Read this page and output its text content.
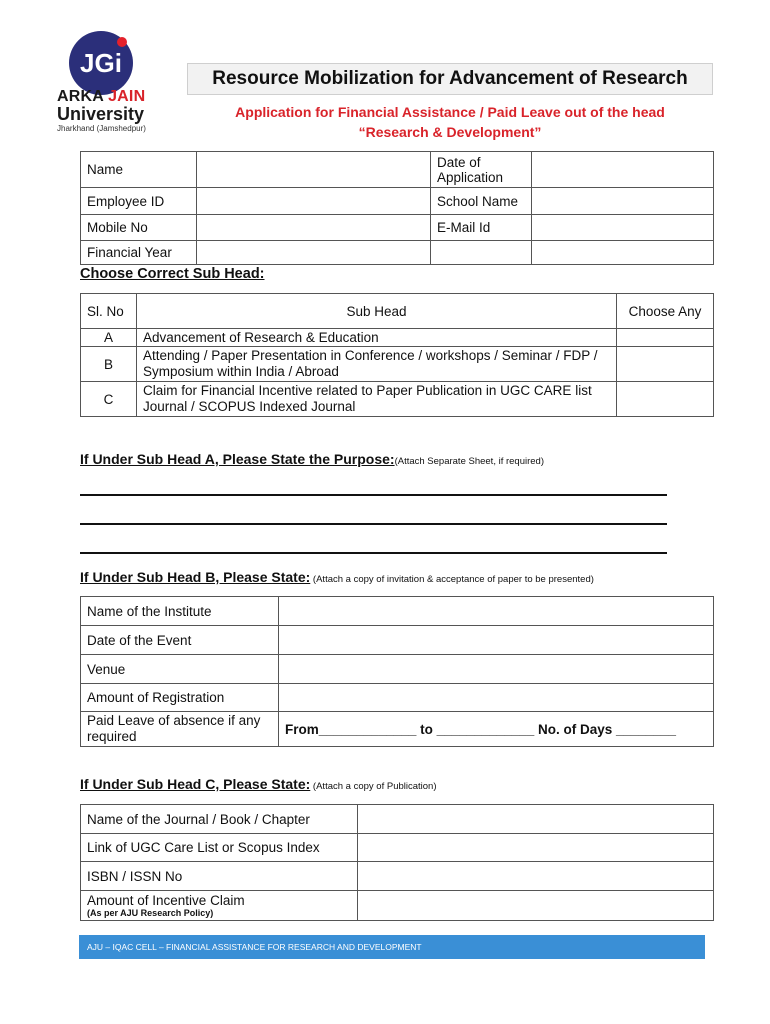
JGi
ARKA JAIN
University
Jharkhand (Jamshedpur)
Resource Mobilization for Advancement of Research
Application for Financial Assistance / Paid Leave out of the head
“Research & Development”
Name		Date of Application	
Employee ID		School Name	
Mobile No		E-Mail Id	
Financial Year			
Choose Correct Sub Head:
Sl. No	Sub Head	Choose Any
A	Advancement of Research & Education	
B	Attending / Paper Presentation in Conference / workshops / Seminar / FDP / Symposium within India / Abroad	
C	Claim for Financial Incentive related to Paper Publication in UGC CARE list Journal / SCOPUS Indexed Journal	
If Under Sub Head A, Please State the Purpose:(Attach Separate Sheet, if required)
If Under Sub Head B, Please State: (Attach a copy of invitation & acceptance of paper to be presented)
Name of the Institute	
Date of the Event	
Venue	
Amount of Registration	
Paid Leave of absence if any required	From_____________ to _____________ No. of Days ________
If Under Sub Head C, Please State: (Attach a copy of Publication)
Name of the Journal / Book / Chapter	
Link of UGC Care List or Scopus Index	
ISBN / ISSN No	

Amount of Incentive Claim
(As per AJU Research Policy)	

AJU – IQAC CELL – FINANCIAL ASSISTANCE FOR RESEARCH AND DEVELOPMENT
